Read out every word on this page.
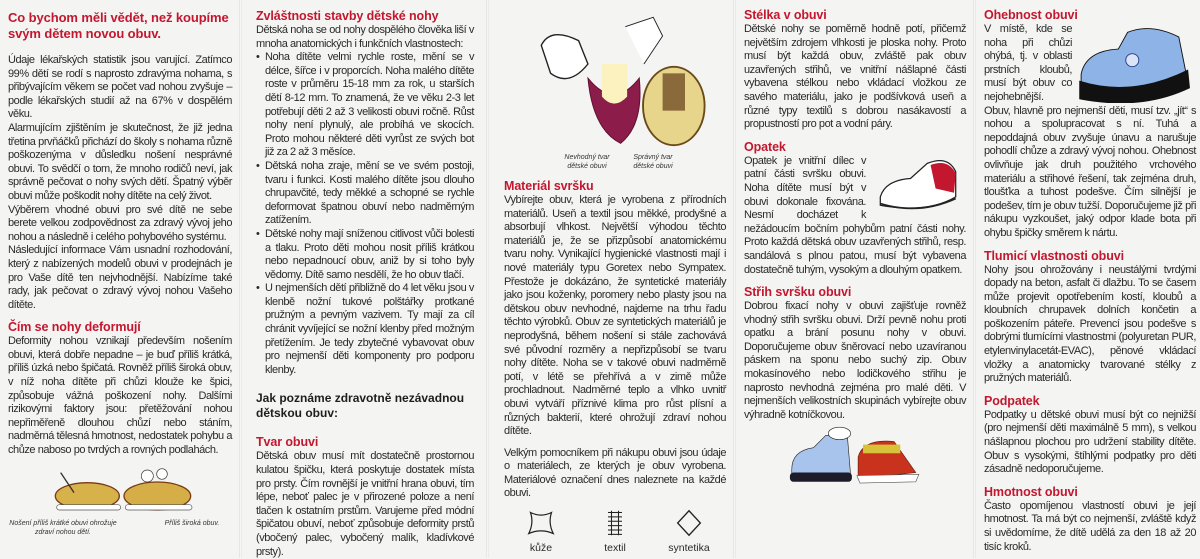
Co bychom měli vědět, než koupíme svým dětem novou obuv.

Údaje lékařských statistik jsou varující. Zatímco 99% dětí se rodí s naprosto zdravýma nohama, s přibývajícím věkem se počet vad nohou zvyšuje – podle lékařských studií až na 67% v dospělém věku.

Alarmujícím zjištěním je skutečnost, že již jedna třetina prvňáčků přichází do školy s nohama různě poškozenýma v důsledku nošení nesprávné obuvi. To svědčí o tom, že mnoho rodičů neví, jak správně pečovat o nohy svých dětí. Špatný výběr obuvi může poškodit nohy dítěte na celý život.

Výběrem vhodné obuvi pro své dítě ne sebe berete velkou zodpovědnost za zdravý vývoj jeho nohou a následně i celého pohybového systému.

Následující informace Vám usnadní rozhodování, který z nabízených modelů obuvi v prodejnách je pro Vaše dítě ten nejvhodnější. Nabízíme také rady, jak pečovat o zdravý vývoj nohou Vašeho dítěte.

Čím se nohy deformují

Deformity nohou vznikají především nošením obuvi, která dobře nepadne – je buď příliš krátká, příliš úzká nebo špičatá. Rovněž příliš široká obuv, v níž noha dítěte při chůzi klouže ke špici, způsobuje vážná poškození nohy. Dalšími rizikovými faktory jsou: přetěžování nohou nepřiměřeně dlouhou chůzí nebo stáním, nadměrná tělesná hmotnost, nedostatek pohybu a chůze naboso po tvrdých a rovných podlahách.

Nošení příliš krátké obuvi ohrožuje zdraví nohou dětí.
Příliš široká obuv.
Zvláštnosti stavby dětské nohy

Dětská noha se od nohy dospělého člověka liší v mnoha anatomických i funkčních vlastnostech:

• Noha dítěte velmi rychle roste, mění se v délce, šířce i v proporcích. Noha malého dítěte roste v průměru 15-18 mm za rok, u starších dětí 8-12 mm. To znamená, že ve věku 2-3 let potřebují děti 2 až 3 velikosti obuvi ročně. Růst nohy není plynulý, ale probíhá ve skocích. Proto mohou některé děti vyrůst ze svých bot již za 2 až 3 měsíce.
• Dětská noha zraje, mění se ve svém postoji, tvaru i funkci. Kosti malého dítěte jsou dlouho chrupavčité, tedy měkké a schopné se rychle deformovat špatnou obuví nebo nadměrným zatížením.
• Dětské nohy mají sníženou citlivost vůči bolesti a tlaku. Proto děti mohou nosit příliš krátkou nebo nepadnoucí obuv, aniž by si toho byly vědomy. Dítě samo nesdělí, že ho obuv tlačí.
• U nejmenších dětí přibližně do 4 let věku jsou v klenbě nožní tukové polštářky protkané pružným a pevným vazivem. Ty mají za cíl chránit vyvíjející se nožní klenby před možným přetížením. Je tedy zbytečné vybavovat obuv pro nejmenší děti komponenty pro podporu klenby.
Jak poznáme zdravotně nezávadnou dětskou obuv:
Tvar obuvi

Dětská obuv musí mít dostatečně prostornou kulatou špičku, která poskytuje dostatek místa pro prsty. Čím rovnější je vnitřní hrana obuvi, tím lépe, neboť palec je v přirozené poloze a není tlačen k ostatním prstům. Varujeme před módní špičatou obuví, neboť způsobuje deformity prstů (vbočený palec, vybočený malík, kladívkové prsty).

Nevhodný tvar dětské obuvi
Správný tvar dětské obuvi
Materiál svršku

Vybírejte obuv, která je vyrobena z přírodních materiálů. Useň a textil jsou měkké, prodyšné a absorbují vlhkost. Největší výhodou těchto materiálů je, že se přizpůsobí anatomickému tvaru nohy. Vynikající hygienické vlastnosti mají i nové materiály typu Goretex nebo Sympatex. Přestože je dokázáno, že syntetické materiály jako jsou koženky, poromery nebo plasty jsou na dětskou obuv nevhodné, najdeme na trhu řadu těchto výrobků. Obuv ze syntetických materiálů je neprodyšná, během nošení si stále zachovává své původní rozměry a nepřizpůsobí se tvaru nohy dítěte. Noha se v takové obuvi nadměrně potí, v létě se přehřívá a v zimě může prochladnout. Nadměrné teplo a vlhko uvnitř obuvi vytváří příznivé klima pro růst plísní a různých bakterií, které ohrožují zdraví nohou dítěte.

Velkým pomocníkem při nákupu obuvi jsou údaje o materiálech, ze kterých je obuv vyrobena. Materiálové označení dnes naleznete na každé obuvi.

kůže	textil	syntetika
Stélka v obuvi

Dětské nohy se poměrně hodně potí, přičemž největším zdrojem vlhkosti je ploska nohy. Proto musí být každá obuv, zvláště pak obuv uzavřených střihů, ve vnitřní nášlapné části vybavena stélkou nebo vkládací vložkou ze savého materiálu, jako je podšívková useň a různé typy textilů s dobrou nasákavostí a propustností pro pot a vodní páry.

Opatek

Opatek je vnitřní dílec v patní části svršku obuvi. Noha dítěte musí být v obuvi dokonale fixována. Nesmí docházet k nežádoucím bočním pohybům patní části nohy. Proto každá dětská obuv uzavřených střihů, resp. sandálová s plnou patou, musí být vybavena dostatečně tuhým, vysokým a dlouhým opatkem.

Střih svršku obuvi

Dobrou fixací nohy v obuvi zajišťuje rovněž vhodný střih svršku obuvi. Drží pevně nohu proti opatku a brání posunu nohy v obuvi. Doporučujeme obuv šněrovací nebo uzavíranou páskem na sponu nebo suchý zip. Obuv mokasínového nebo lodičkového střihu je naprosto nevhodná zejména pro malé děti. V nejmenších velikostních skupinách vybírejte obuv výhradně kotníčkovou.

Ohebnost obuvi

V místě, kde se noha při chůzi ohýbá, tj. v oblasti prstních kloubů, musí být obuv co nejohebnější. Obuv, hlavně pro nejmenší děti, musí tzv. „jít“ s nohou a spolupracovat s ní. Tuhá a nepoddajná obuv zvyšuje únavu a narušuje pohodlí chůze a zdravý vývoj nohou. Ohebnost ovlivňuje jak druh použitého vrchového materiálu a střihové řešení, tak zejména druh, tloušťka a tuhost podešve. Čím silnější je podešev, tím je obuv tužší. Doporučujeme již při nákupu vyzkoušet, jaký odpor klade bota při ohybu špičky směrem k nártu.

Tlumicí vlastnosti obuvi

Nohy jsou ohrožovány i neustálými tvrdými dopady na beton, asfalt či dlažbu. To se časem může projevit opotřebením kostí, kloubů a kloubních chrupavek dolních končetin a poškozením páteře. Prevencí jsou podešve s dobrými tlumícími vlastnostmi (polyuretan PUR, etylenvinylacetát-EVAC), pěnové vkládací vložky a anatomicky tvarované stélky z pružných materiálů.

Podpatek

Podpatky u dětské obuvi musí být co nejnižší (pro nejmenší děti maximálně 5 mm), s velkou nášlapnou plochou pro udržení stability dítěte. Obuv s vysokými, štíhlými podpatky pro děti zásadně nedoporučujeme.

Hmotnost obuvi

Často opomíjenou vlastností obuvi je její hmotnost. Ta má být co nejmenší, zvláště když si uvědomíme, že dítě udělá za den 18 až 20 tisíc kroků.
